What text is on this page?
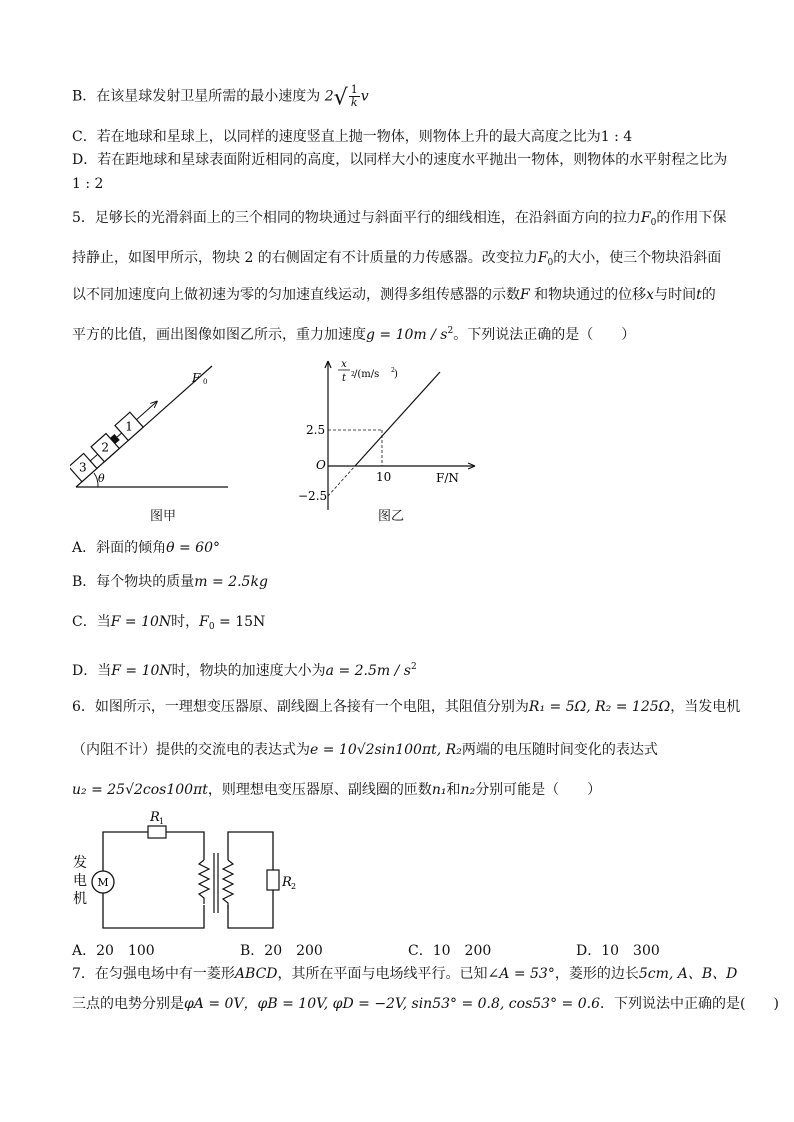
B．在该星球发射卫星所需的最小速度为 $2√ \frac{1}{k}$ v
C．若在地球和星球上，以同样的速度竖直上抛一物体，则物体上升的最大高度之比为1 : 4
D．若在距地球和星球表面附近相同的高度，以同样大小的速度水平抛出一物体，则物体的水平射程之比为
1 : 2
5．足够长的光滑斜面上的三个相同的物块通过与斜面平行的细线相连，在沿斜面方向的拉力$F_0$的作用下保
持静止，如图甲所示，物块 2 的右侧固定有不计质量的力传感器。改变拉力$F_0$的大小，使三个物块沿斜面
以不同加速度向上做初速为零的匀加速直线运动，测得多组传感器的示数F 和物块通过的位移x与时间t的
平方的比值，画出图像如图乙所示，重力加速度$g = 10m / s^2$。下列说法正确的是（　　）
θ
3
2
1
F 0
图甲
x
t 2 /(m/s 2 )
2.5
−2.5
10
O
F/N
图乙
A．斜面的倾角θ = 60°
B．每个物块的质量m = 2.5kg
C．当F = 10N时，$F_0 = 15N$
D．当F = 10N时，物块的加速度大小为$a = 2.5m / s^2$
6．如图所示，一理想变压器原、副线圈上各接有一个电阻，其阻值分别为R₁ = 5Ω, R₂ = 125Ω，当发电机
（内阻不计）提供的交流电的表达式为e = 10√2sin100πt, R₂两端的电压随时间变化的表达式
u₂ = 25√2cos100πt，则理想电变压器原、副线圈的匝数n₁和n₂分别可能是（　　）
发
电
机
M
R 1
R 2
A．20　100	B．20　200	C．10　200	D．10　300
7．在匀强电场中有一菱形ABCD，其所在平面与电场线平行。已知∠A = 53°，菱形的边长5cm, A、B、D
三点的电势分别是φA = 0V，φB = 10V, φD = −2V, sin53° = 0.8, cos53° = 0.6．下列说法中正确的是(　　)
